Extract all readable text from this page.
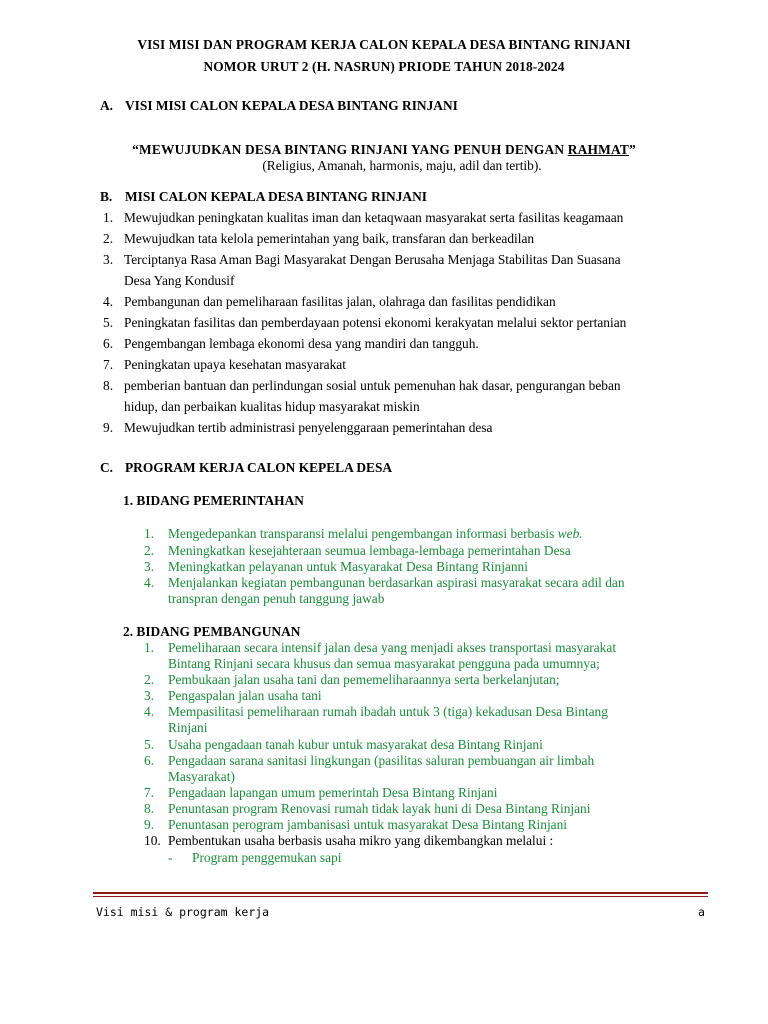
VISI MISI DAN PROGRAM KERJA CALON KEPALA DESA BINTANG RINJANI
NOMOR URUT 2 (H. NASRUN) PRIODE TAHUN 2018-2024
A. VISI MISI CALON KEPALA DESA BINTANG RINJANI
“MEWUJUDKAN DESA BINTANG RINJANI YANG PENUH DENGAN RAHMAT”
(Religius, Amanah, harmonis, maju, adil dan tertib).
B. MISI CALON KEPALA DESA BINTANG RINJANI
1. Mewujudkan peningkatan kualitas iman dan ketaqwaan masyarakat serta fasilitas keagamaan
2. Mewujudkan tata kelola pemerintahan yang baik, transfaran dan berkeadilan
3. Terciptanya Rasa Aman Bagi Masyarakat Dengan Berusaha Menjaga Stabilitas Dan Suasana
Desa Yang Kondusif
4. Pembangunan dan pemeliharaan fasilitas jalan, olahraga dan fasilitas pendidikan
5. Peningkatan fasilitas dan pemberdayaan potensi ekonomi kerakyatan melalui sektor pertanian
6. Pengembangan lembaga ekonomi desa yang mandiri dan tangguh.
7. Peningkatan upaya kesehatan masyarakat
8. pemberian bantuan dan perlindungan sosial untuk pemenuhan hak dasar, pengurangan beban
hidup, dan perbaikan kualitas hidup masyarakat miskin
9. Mewujudkan tertib administrasi penyelenggaraan pemerintahan desa
C. PROGRAM KERJA CALON KEPELA DESA
1. BIDANG PEMERINTAHAN
1. Mengedepankan transparansi melalui pengembangan informasi berbasis web.
2. Meningkatkan kesejahteraan seumua lembaga-lembaga pemerintahan Desa
3. Meningkatkan pelayanan untuk Masyarakat Desa Bintang Rinjanni
4. Menjalankan kegiatan pembangunan berdasarkan aspirasi masyarakat secara adil dan
transpran dengan penuh tanggung jawab
2. BIDANG PEMBANGUNAN
1. Pemeliharaan secara intensif jalan desa yang menjadi akses transportasi masyarakat
Bintang Rinjani secara khusus dan semua masyarakat pengguna pada umumnya;
2. Pembukaan jalan usaha tani dan pememeliharaannya serta berkelanjutan;
3. Pengaspalan jalan usaha tani
4. Mempasilitasi pemeliharaan rumah ibadah untuk 3 (tiga) kekadusan Desa Bintang
Rinjani
5. Usaha pengadaan tanah kubur untuk masyarakat desa Bintang Rinjani
6. Pengadaan sarana sanitasi lingkungan (pasilitas saluran pembuangan air limbah
Masyarakat)
7. Pengadaan lapangan umum pemerintah Desa Bintang Rinjani
8. Penuntasan program Renovasi rumah tidak layak huni di Desa Bintang Rinjani
9. Penuntasan perogram jambanisasi untuk masyarakat Desa Bintang Rinjani
10. Pembentukan usaha berbasis usaha mikro yang dikembangkan melalui :
- Program penggemukan sapi
Visi misi & program kerja	a
